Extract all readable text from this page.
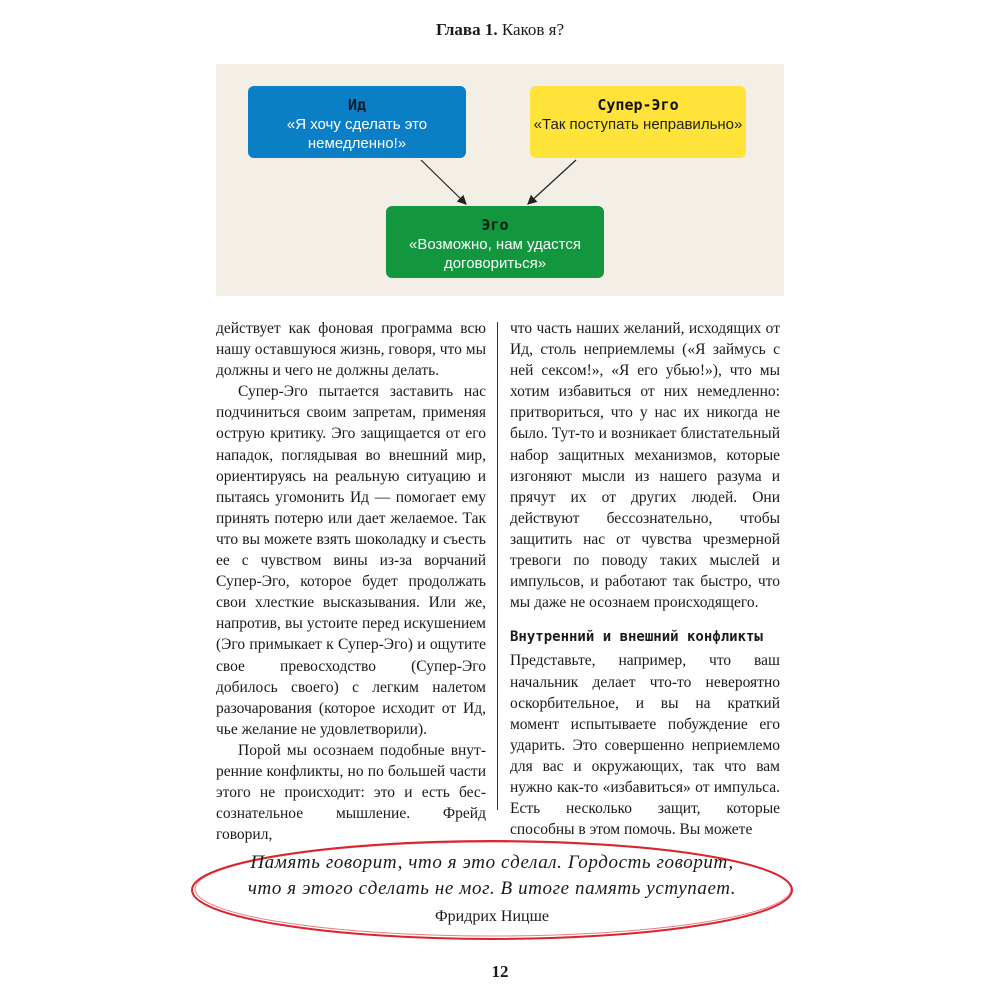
Глава 1. Каков я?
Ид
«Я хочу сделать это немедленно!»
Супер-Эго
«Так поступать неправильно»
Эго
«Возможно, нам удастся договориться»

действует как фоновая программа всю нашу оставшуюся жизнь, говоря, что мы должны и чего не должны делать.

Супер-Эго пытается заставить нас подчиниться своим запретам, применяя острую критику. Эго защищается от его нападок, поглядывая во внешний мир, ориентируясь на реальную ситуацию и пытаясь угомонить Ид — помогает ему принять потерю или дает желаемое. Так что вы можете взять шоколадку и съесть ее с чувством вины из-за ворчаний Супер-Эго, которое будет продолжать свои хлесткие высказывания. Или же, напротив, вы устоите перед искушением (Эго примыкает к Супер-Эго) и ощутите свое превосходство (Супер-Эго добилось своего) с легким налетом разочарования (которое исходит от Ид, чье желание не удовлетворили).

Порой мы осознаем подобные внутренние конфликты, но по большей части этого не происходит: это и есть бессознательное мышление. Фрейд говорил,

что часть наших желаний, исходящих от Ид, столь неприемлемы («Я займусь с ней сексом!», «Я его убью!»), что мы хотим избавиться от них немедленно: притвориться, что у нас их никогда не было. Тут-то и возникает блистательный набор защитных механизмов, которые изгоняют мысли из нашего разума и прячут их от других людей. Они действуют бессознательно, чтобы защитить нас от чувства чрезмерной тревоги по поводу таких мыслей и импульсов, и работают так быстро, что мы даже не осознаем происходящего.

Внутренний и внешний конфликты

Представьте, например, что ваш начальник делает что-то невероятно оскорбительное, и вы на краткий момент испытываете побуждение его ударить. Это совершенно неприемлемо для вас и окружающих, так что вам нужно как-то «избавиться» от импульса. Есть несколько защит, которые способны в этом помочь. Вы можете

Память говорит, что я это сделал. Гордость говорит,
что я этого сделать не мог. В итоге память уступает.
Фридрих Ницше
12
